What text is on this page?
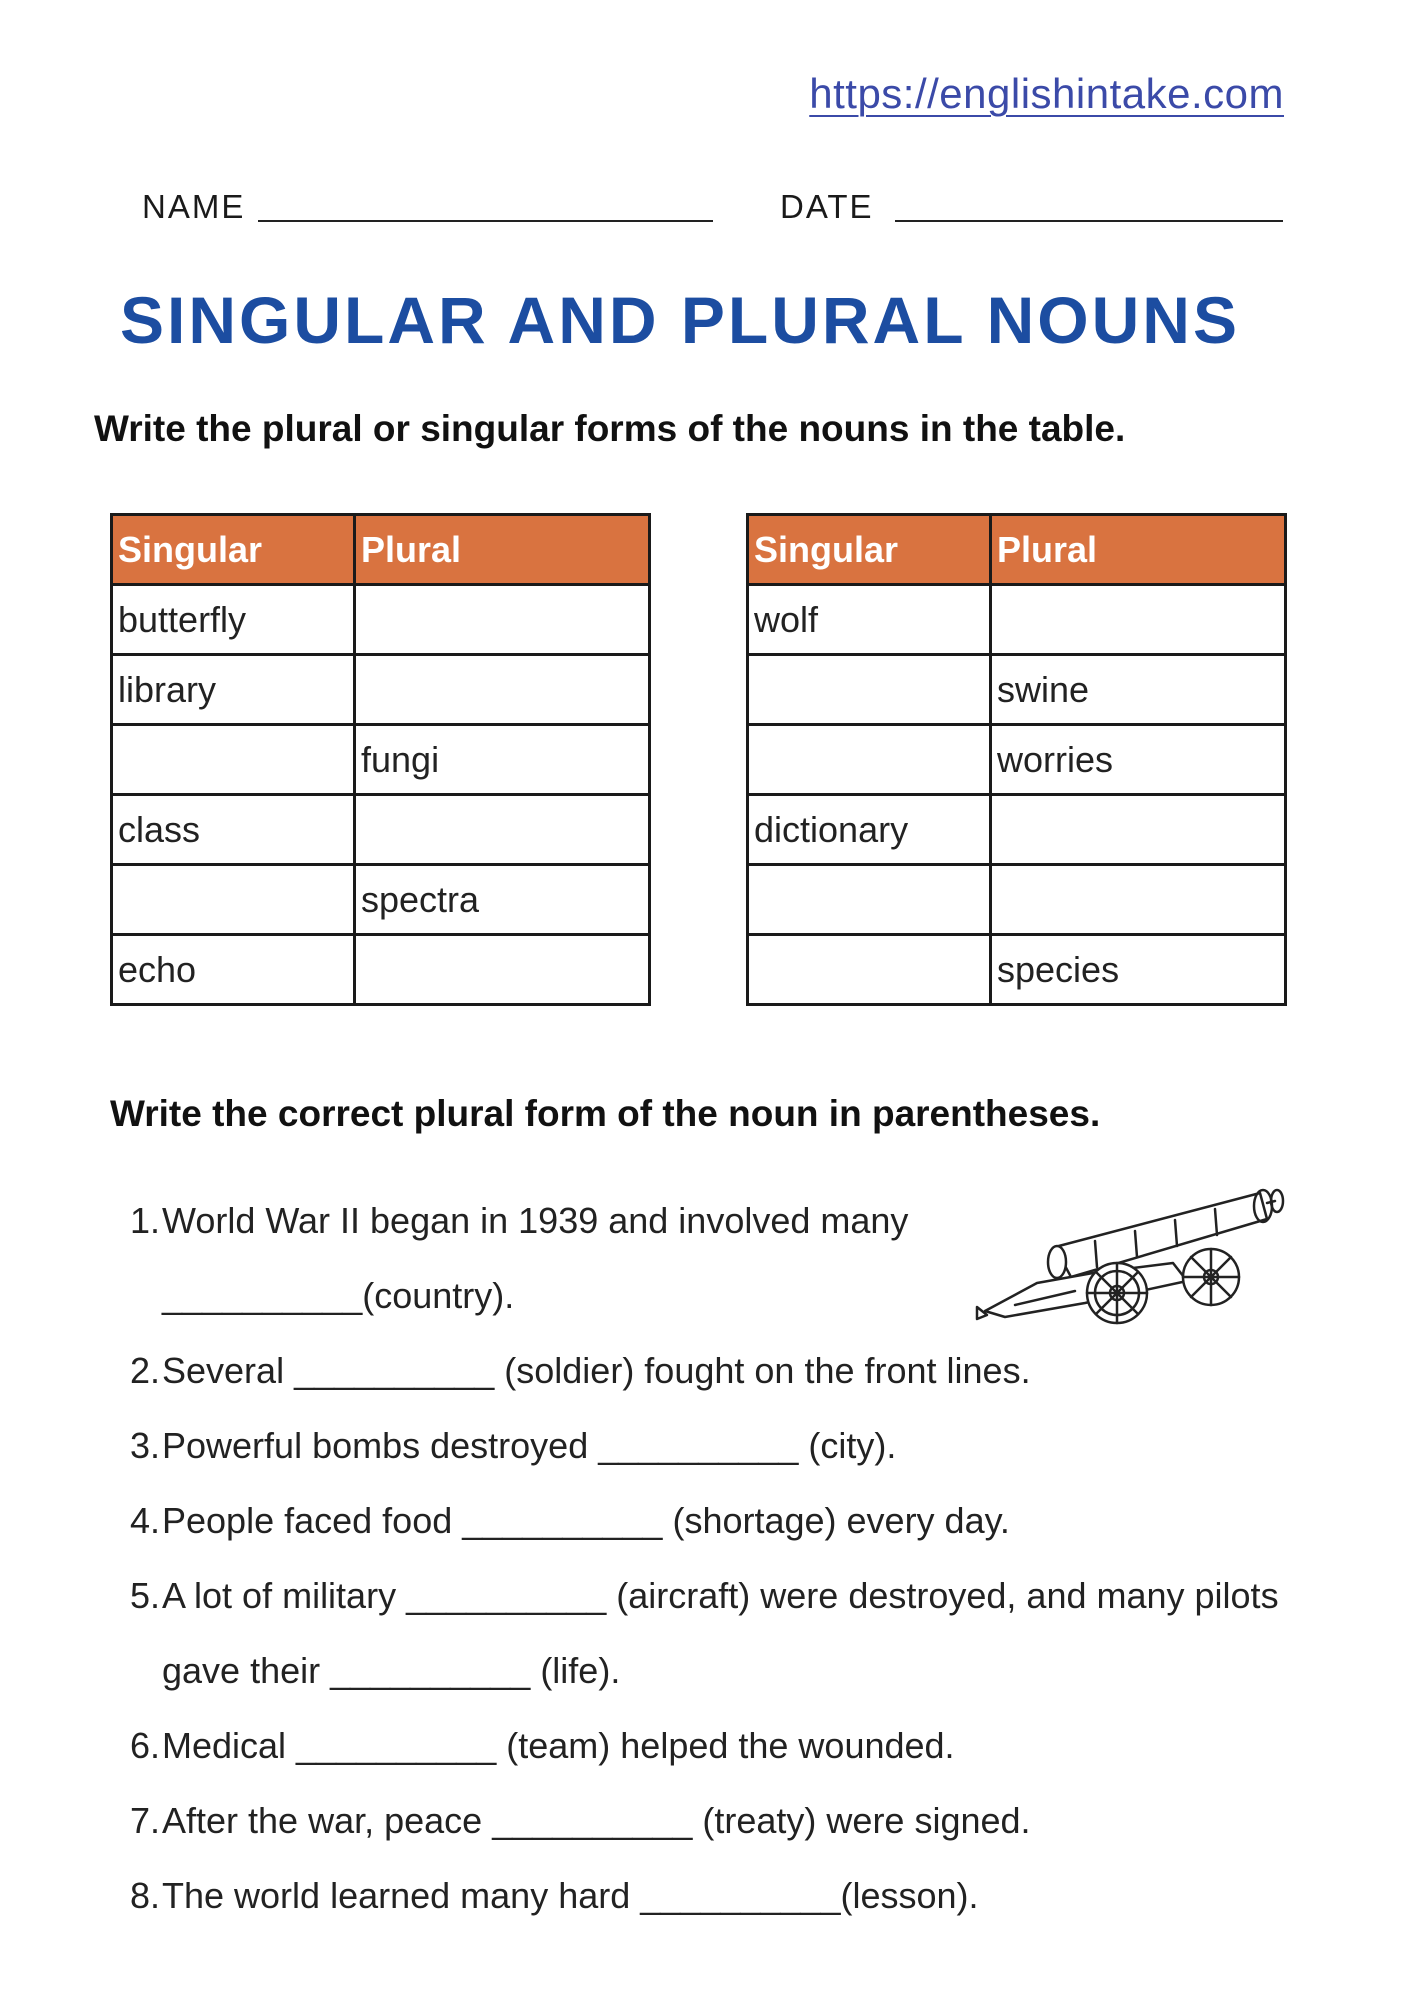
https://englishintake.com
NAME	DATE
SINGULAR AND PLURAL NOUNS
Write the plural or singular forms of the nouns in the table.
Singular	Plural
butterfly	
library	
	fungi
class	
	spectra
echo	
Singular	Plural
wolf	
	swine
	worries
dictionary	

	species
Write the correct plural form of the noun in parentheses.
1. World War II began in 1939 and involved many __________(country).
2. Several __________ (soldier) fought on the front lines.
3. Powerful bombs destroyed __________ (city).
4. People faced food __________ (shortage) every day.
5. A lot of military __________ (aircraft) were destroyed, and many pilots gave their __________ (life).
6. Medical __________ (team) helped the wounded.
7. After the war, peace __________ (treaty) were signed.
8. The world learned many hard __________(lesson).
